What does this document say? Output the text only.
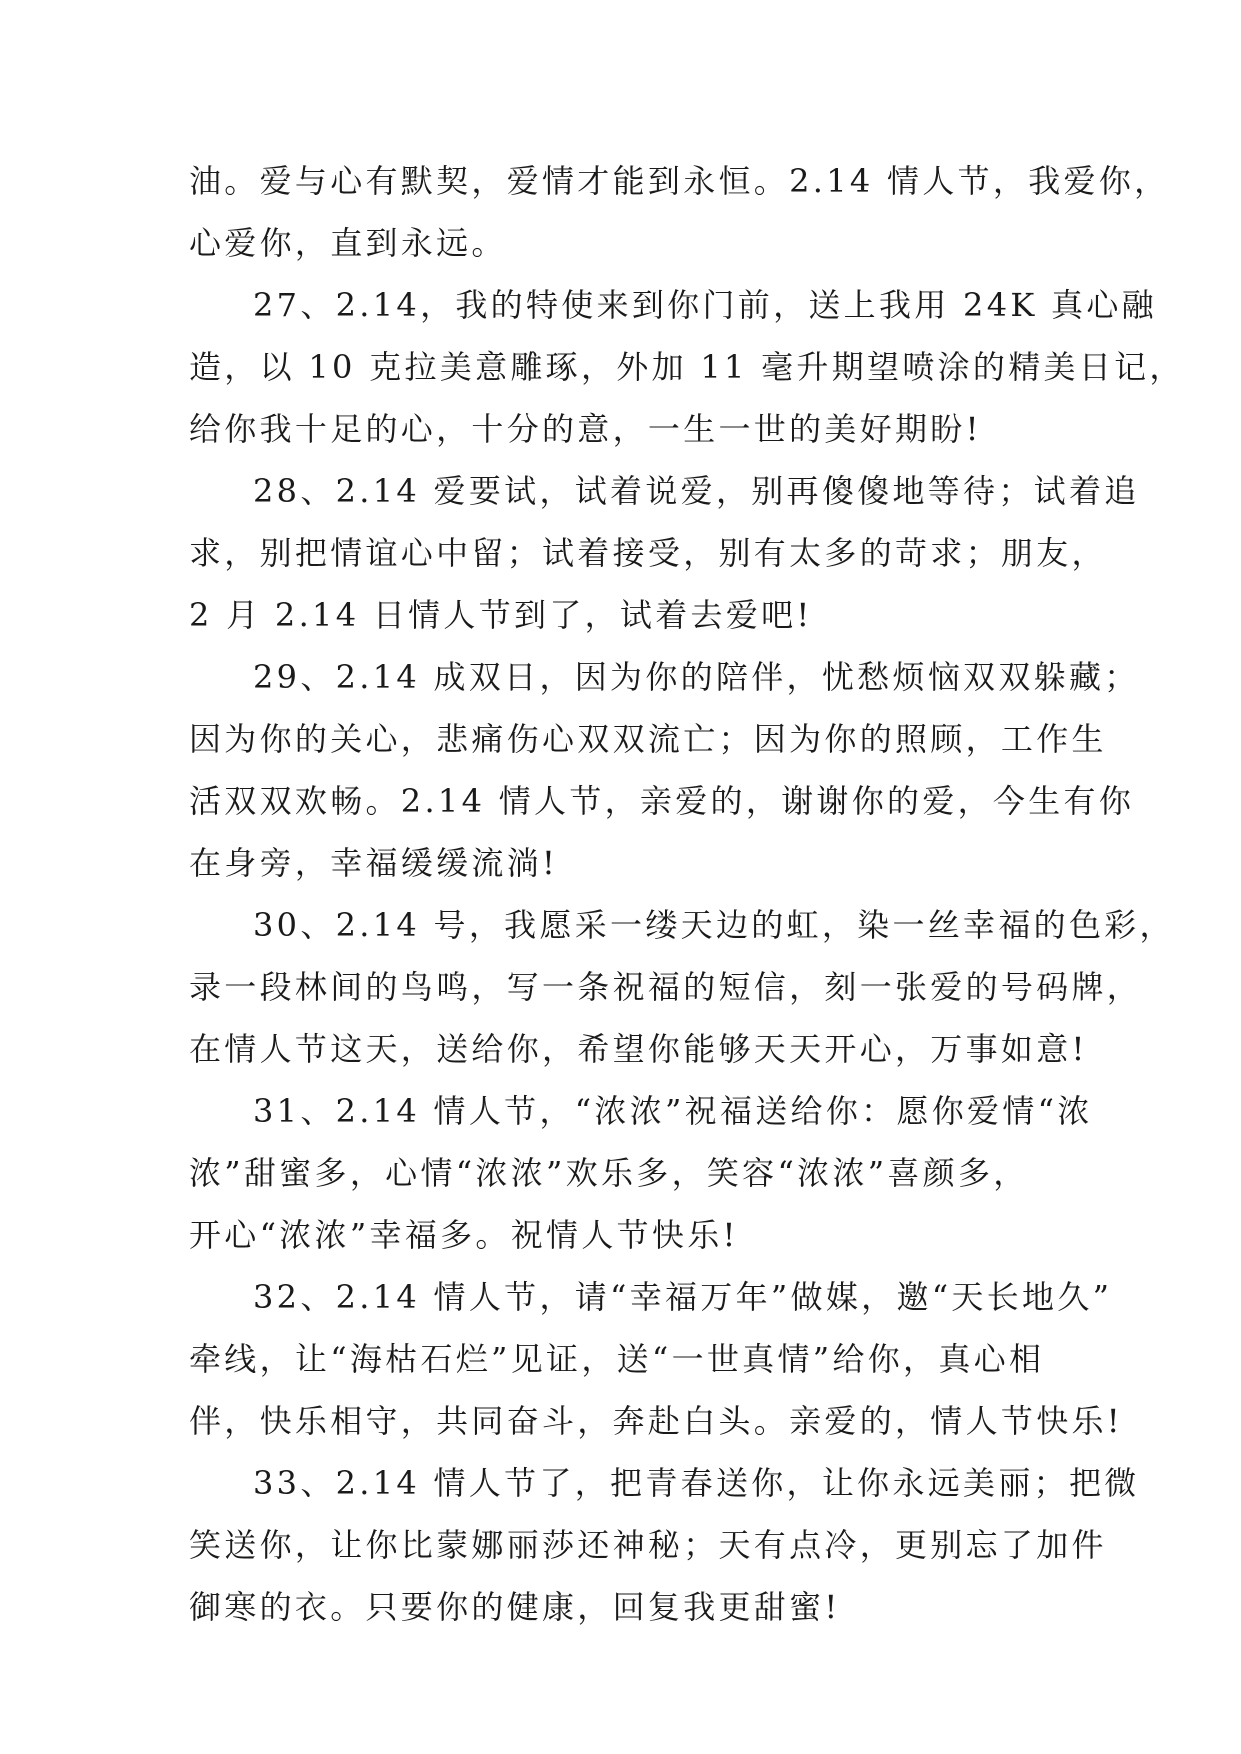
油。爱与心有默契，爱情才能到永恒。2.14 情人节，我爱你，
心爱你，直到永远。
27、2.14，我的特使来到你门前，送上我用 24K 真心融
造，以 10 克拉美意雕琢，外加 11 毫升期望喷涂的精美日记，
给你我十足的心，十分的意，一生一世的美好期盼!
28、2.14 爱要试，试着说爱，别再傻傻地等待；试着追
求，别把情谊心中留；试着接受，别有太多的苛求；朋友，
2 月 2.14 日情人节到了，试着去爱吧!
29、2.14 成双日，因为你的陪伴，忧愁烦恼双双躲藏；
因为你的关心，悲痛伤心双双流亡；因为你的照顾，工作生
活双双欢畅。2.14 情人节，亲爱的，谢谢你的爱，今生有你
在身旁，幸福缓缓流淌!
30、2.14 号，我愿采一缕天边的虹，染一丝幸福的色彩，
录一段林间的鸟鸣，写一条祝福的短信，刻一张爱的号码牌，
在情人节这天，送给你，希望你能够天天开心，万事如意!
31、2.14 情人节，“浓浓”祝福送给你：愿你爱情“浓
浓”甜蜜多，心情“浓浓”欢乐多，笑容“浓浓”喜颜多，
开心“浓浓”幸福多。祝情人节快乐!
32、2.14 情人节，请“幸福万年”做媒，邀“天长地久”
牵线，让“海枯石烂”见证，送“一世真情”给你，真心相
伴，快乐相守，共同奋斗，奔赴白头。亲爱的，情人节快乐!
33、2.14 情人节了，把青春送你，让你永远美丽；把微
笑送你，让你比蒙娜丽莎还神秘；天有点冷，更别忘了加件
御寒的衣。只要你的健康，回复我更甜蜜!
